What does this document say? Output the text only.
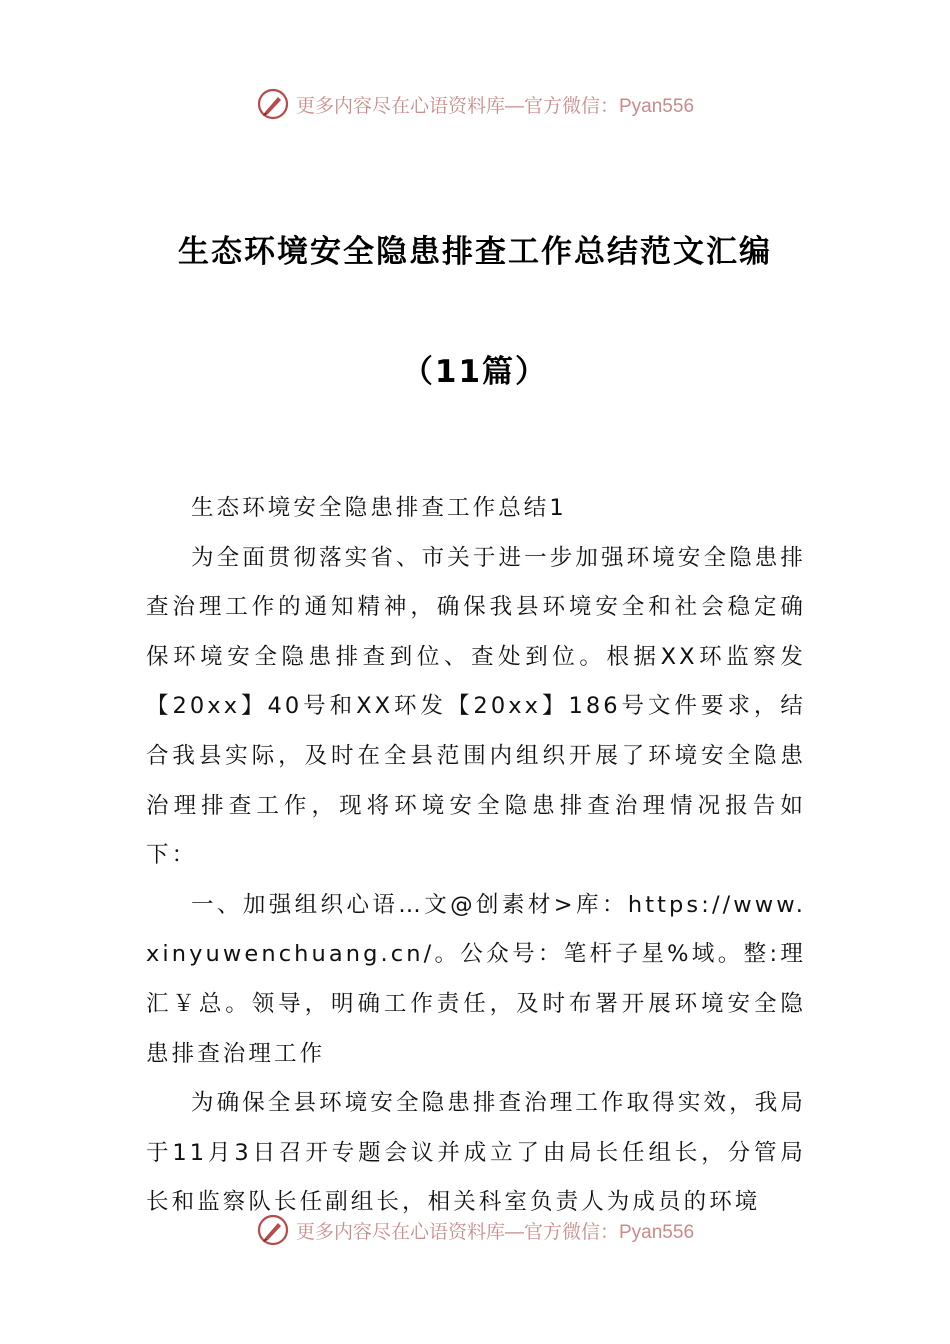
更多内容尽在心语资料库 —官方微信：Pyan556
生态环境安全隐患排查工作总结范文汇编
（11篇）

生态环境安全隐患排查工作总结1

为全面贯彻落实省、市关于进一步加强环境安全隐患排查治理工作的通知精神，确保我县环境安全和社会稳定确保环境安全隐患排查到位、查处到位。根据XX环监察发【20xx】40号和XX环发【20xx】186号文件要求，结合我县实际，及时在全县范围内组织开展了环境安全隐患治理排查工作，现将环境安全隐患排查治理情况报告如下：

一、加强组织心语…文@创素材>库：https://www.xinyuwenchuang.cn/。公众号：笔杆子星%域。整:理汇￥总。领导，明确工作责任，及时布署开展环境安全隐患排查治理工作

为确保全县环境安全隐患排查治理工作取得实效，我局于11月3日召开专题会议并成立了由局长任组长，分管局长和监察队长任副组长，相关科室负责人为成员的环境

更多内容尽在心语资料库 —官方微信：Pyan556
